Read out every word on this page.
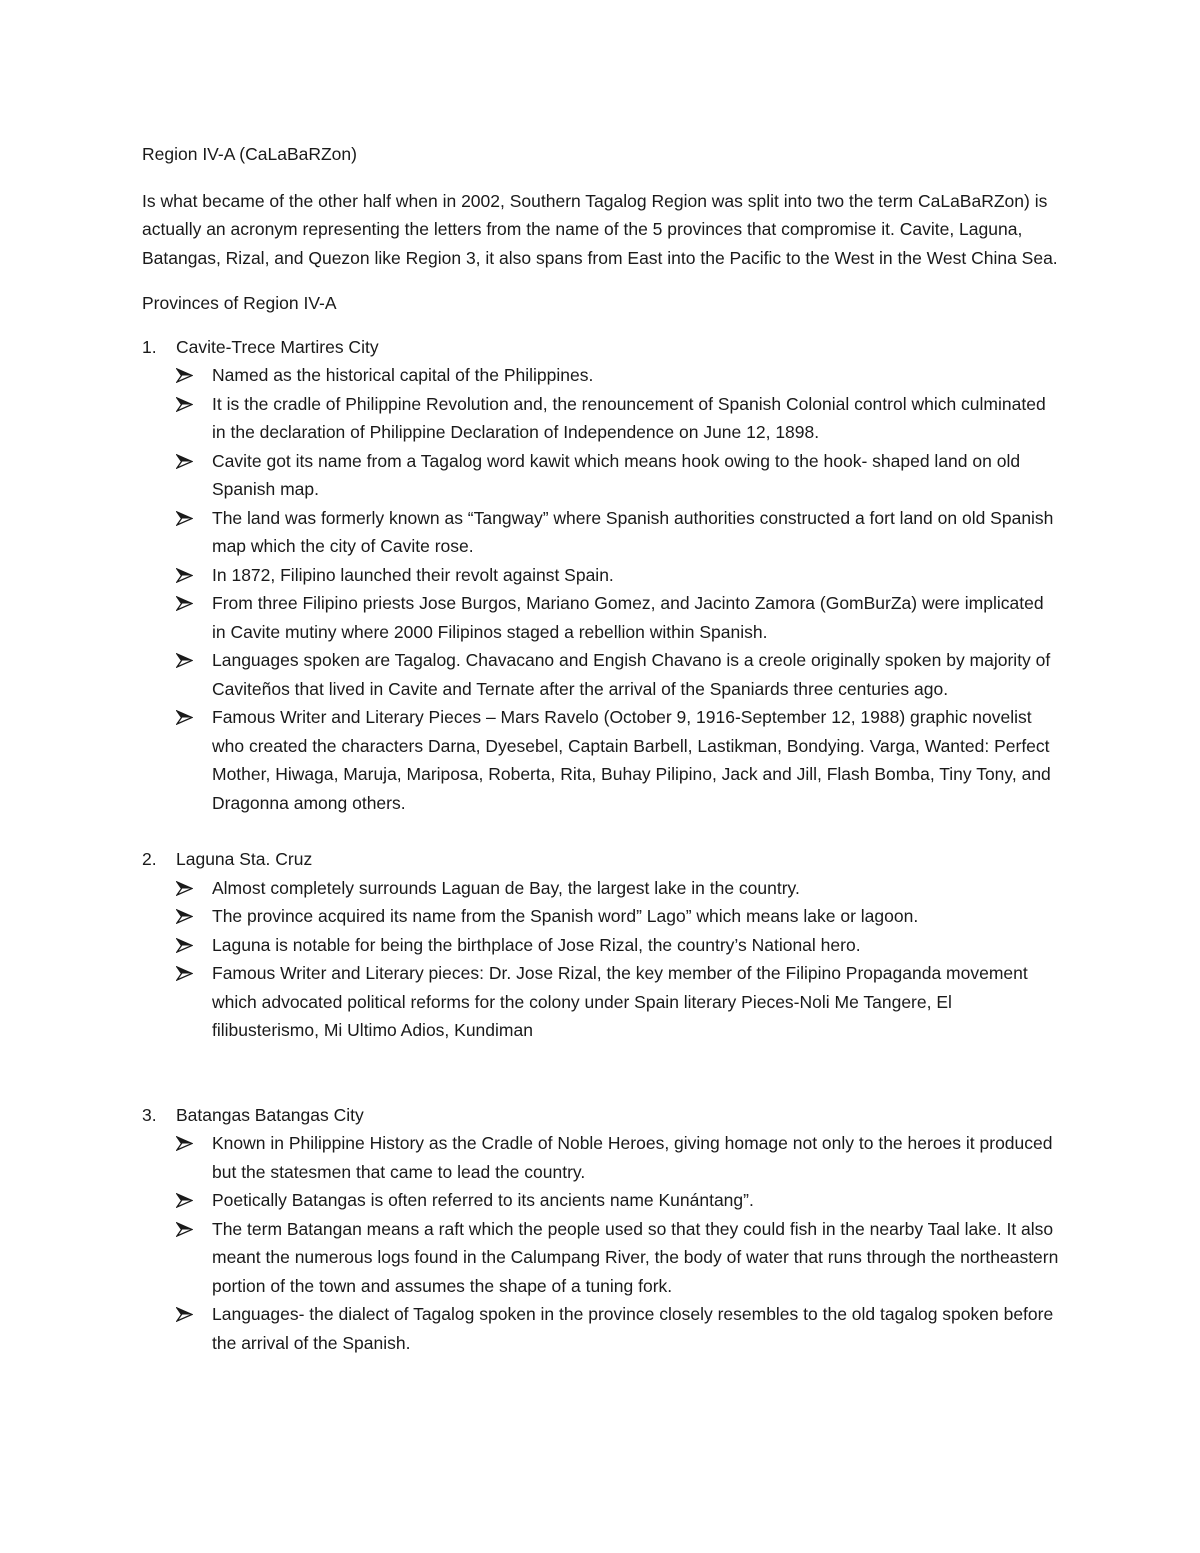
Region IV-A (CaLaBaRZon)
Is what became of the other half when in 2002, Southern Tagalog Region was split into two the term CaLaBaRZon) is actually an acronym representing the letters from the name of the 5 provinces that compromise it. Cavite, Laguna, Batangas, Rizal, and Quezon like Region 3, it also spans from East into the Pacific to the West in the West China Sea.
Provinces of Region IV-A
1.	Cavite-Trece Martires City
Named as the historical capital of the Philippines.
It is the cradle of Philippine Revolution and, the renouncement of Spanish Colonial control which culminated in the declaration of Philippine Declaration of Independence on June 12, 1898.
Cavite got its name from a Tagalog word kawit which means hook owing to the hook- shaped land on old Spanish map.
The land was formerly known as “Tangway” where Spanish authorities constructed a fort land on old Spanish map which the city of Cavite rose.
In 1872, Filipino launched their revolt against Spain.
From three Filipino priests Jose Burgos, Mariano Gomez, and Jacinto Zamora (GomBurZa) were implicated in Cavite mutiny where 2000 Filipinos staged a rebellion within Spanish.
Languages spoken are Tagalog. Chavacano and Engish Chavano is a creole originally spoken by majority of Caviteños that lived in Cavite and Ternate after the arrival of the Spaniards three centuries ago.
Famous Writer and Literary Pieces – Mars Ravelo (October 9, 1916-September 12, 1988) graphic novelist who created the characters Darna, Dyesebel, Captain Barbell, Lastikman, Bondying. Varga, Wanted: Perfect Mother, Hiwaga, Maruja, Mariposa, Roberta, Rita, Buhay Pilipino, Jack and Jill, Flash Bomba, Tiny Tony, and Dragonna among others.
2.	Laguna Sta. Cruz
Almost completely surrounds Laguan de Bay, the largest lake in the country.
The province acquired its name from the Spanish word” Lago” which means lake or lagoon.
Laguna is notable for being the birthplace of Jose Rizal, the country’s National hero.
Famous Writer and Literary pieces: Dr. Jose Rizal, the key member of the Filipino Propaganda movement which advocated political reforms for the colony under Spain literary Pieces-Noli Me Tangere, El filibusterismo, Mi Ultimo Adios, Kundiman
3.	Batangas Batangas City
Known in Philippine History as the Cradle of Noble Heroes, giving homage not only to the heroes it produced but the statesmen that came to lead the country.
Poetically Batangas is often referred to its ancients name Kunántang”.
The term Batangan means a raft which the people used so that they could fish in the nearby Taal lake. It also meant the numerous logs found in the Calumpang River, the body of water that runs through the northeastern portion of the town and assumes the shape of a tuning fork.
Languages- the dialect of Tagalog spoken in the province closely resembles to the old tagalog spoken before the arrival of the Spanish.
